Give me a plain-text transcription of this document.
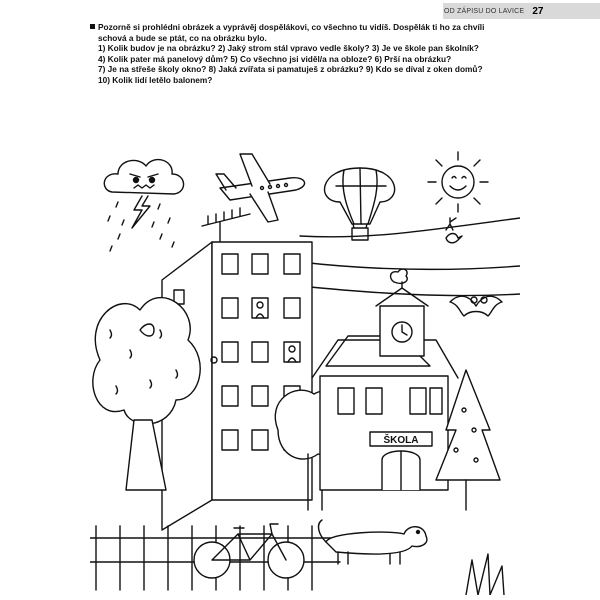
OD ZÁPISU DO LAVICE 27

Pozorně si prohlédni obrázek a vyprávěj dospělákovi, co všechno tu vidíš. Dospělák ti ho za chvíli

schová a bude se ptát, co na obrázku bylo.

1) Kolik budov je na obrázku? 2) Jaký strom stál vpravo vedle školy? 3) Je ve škole pan školník?

4) Kolik pater má panelový dům? 5) Co všechno jsi viděl/a na obloze? 6) Prší na obrázku?

7) Je na střeše školy okno? 8) Jaká zvířata si pamatuješ z obrázku? 9) Kdo se díval z oken domů?

10) Kolik lidí letělo balonem?

ŠKOLA
